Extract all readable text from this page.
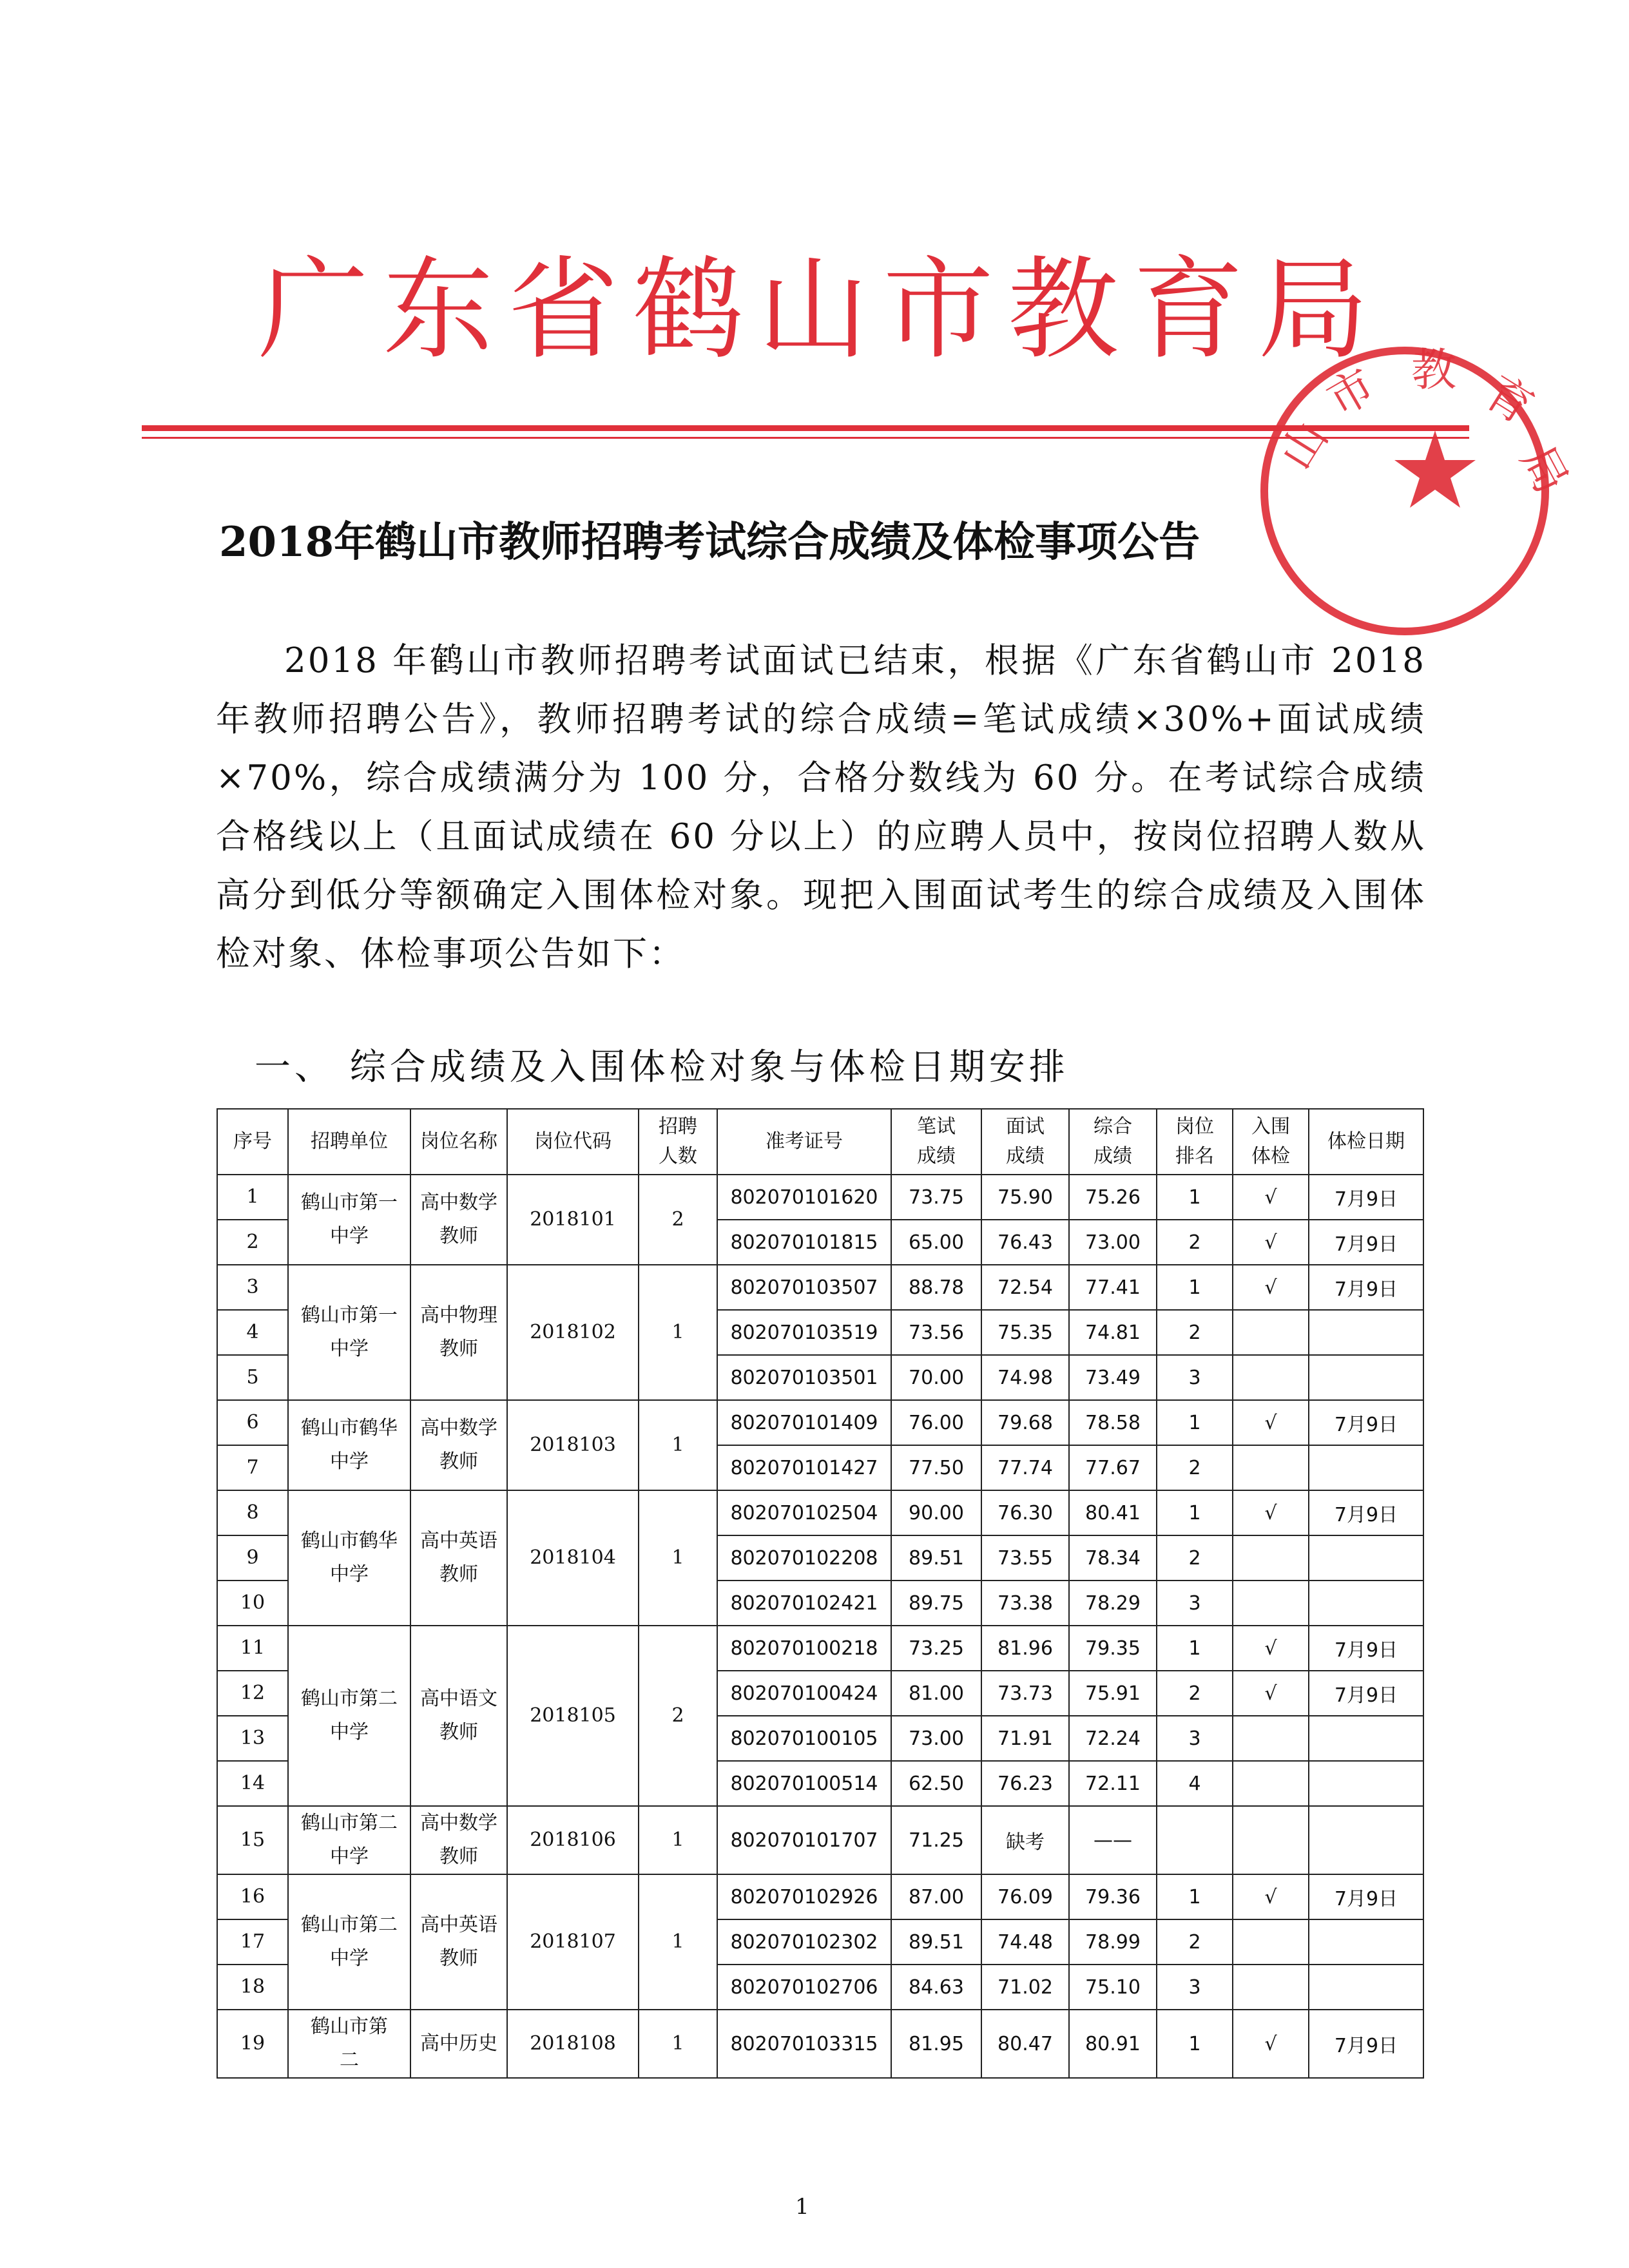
广东省鹤山市教育局
山
市 教 育
局
2018年鹤山市教师招聘考试综合成绩及体检事项公告
2018 年鹤山市教师招聘考试面试已结束，根据《广东省鹤山市 2018 年教师招聘公告》，教师招聘考试的综合成绩=笔试成绩×30%+面试成绩×70%，综合成绩满分为 100 分，合格分数线为 60 分。在考试综合成绩合格线以上（且面试成绩在 60 分以上）的应聘人员中，按岗位招聘人数从高分到低分等额确定入围体检对象。现把入围面试考生的综合成绩及入围体检对象、体检事项公告如下：
一、 综合成绩及入围体检对象与体检日期安排
序号	招聘单位	岗位名称	岗位代码	招聘
人数	准考证号	笔试
成绩	面试
成绩	综合
成绩	岗位
排名	入围
体检	体检日期
1	鹤山市第一
中学	高中数学
教师	2018101	2	802070101620	73.75	75.90	75.26	1	√	7月9日
2					802070101815	65.00	76.43	73.00	2	√	7月9日
3	鹤山市第一
中学	高中物理
教师	2018102	1	802070103507	88.78	72.54	77.41	1	√	7月9日
4					802070103519	73.56	75.35	74.81	2		
5					802070103501	70.00	74.98	73.49	3		
6	鹤山市鹤华
中学	高中数学
教师	2018103	1	802070101409	76.00	79.68	78.58	1	√	7月9日
7					802070101427	77.50	77.74	77.67	2		
8	鹤山市鹤华
中学	高中英语
教师	2018104	1	802070102504	90.00	76.30	80.41	1	√	7月9日
9					802070102208	89.51	73.55	78.34	2		
10					802070102421	89.75	73.38	78.29	3		
11	鹤山市第二
中学	高中语文
教师	2018105	2	802070100218	73.25	81.96	79.35	1	√	7月9日
12					802070100424	81.00	73.73	75.91	2	√	7月9日
13					802070100105	73.00	71.91	72.24	3		
14					802070100514	62.50	76.23	72.11	4		
15	鹤山市第二
中学	高中数学
教师	2018106	1	802070101707	71.25	缺考	——			
16	鹤山市第二
中学	高中英语
教师	2018107	1	802070102926	87.00	76.09	79.36	1	√	7月9日
17					802070102302	89.51	74.48	78.99	2		
18					802070102706	84.63	71.02	75.10	3		
19	鹤山市第
二	高中历史	2018108	1	802070103315	81.95	80.47	80.91	1	√	7月9日
1
